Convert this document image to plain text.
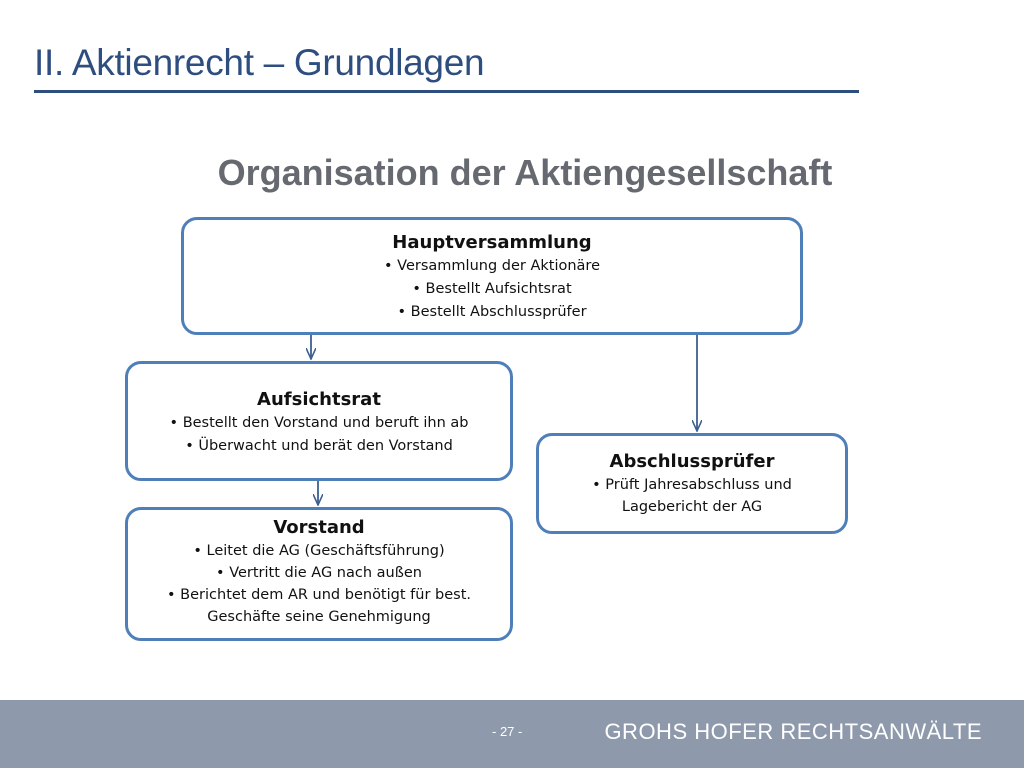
II. Aktienrecht – Grundlagen
Organisation der Aktiengesellschaft
Hauptversammlung
• Versammlung der Aktionäre
• Bestellt Aufsichtsrat
• Bestellt Abschlussprüfer
Aufsichtsrat
• Bestellt den Vorstand und beruft ihn ab
• Überwacht und berät den Vorstand
Abschlussprüfer
• Prüft Jahresabschluss und Lagebericht der AG
Vorstand
• Leitet die AG (Geschäftsführung)
• Vertritt die AG nach außen
• Berichtet dem AR und benötigt für best. Geschäfte seine Genehmigung
- 27 -	GROHS HOFER RECHTSANWÄLTE
